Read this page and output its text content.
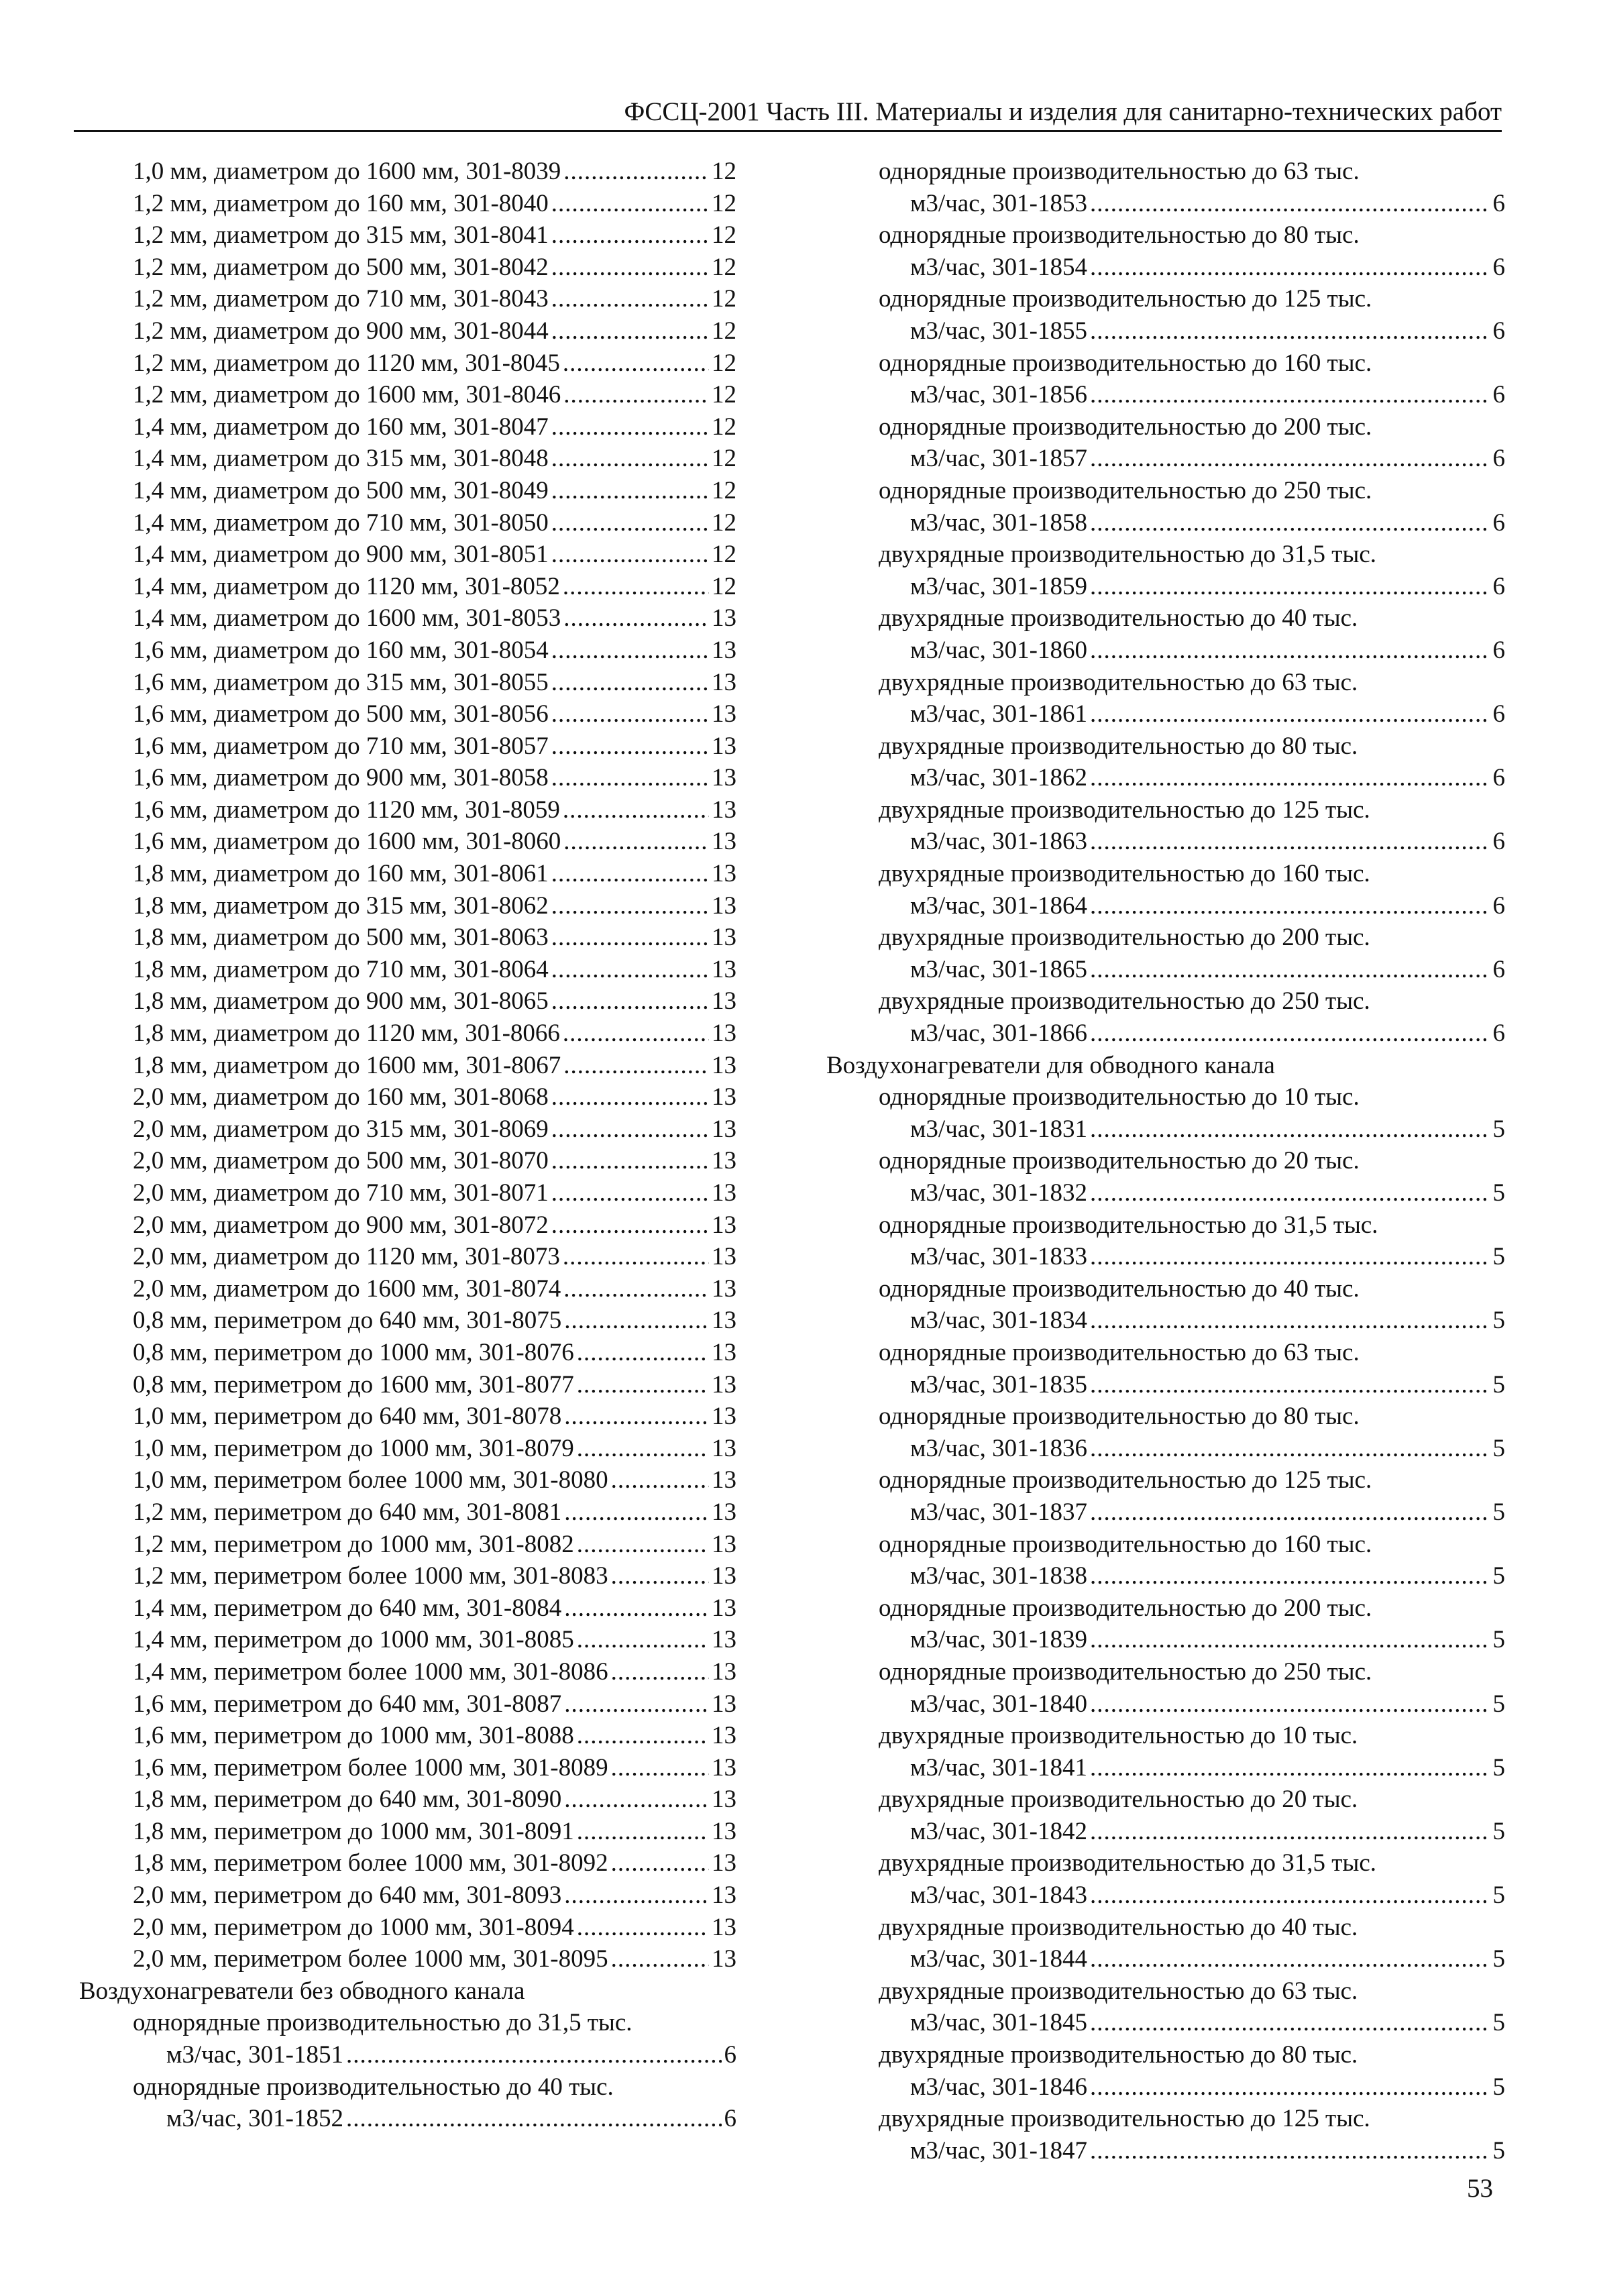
ФССЦ-2001 Часть III. Материалы и изделия для санитарно-технических работ
1,0 мм, диаметром до 1600 мм, 301-8039 .....	12
1,2 мм, диаметром до 160 мм, 301-8040 .....	12
1,2 мм, диаметром до 315 мм, 301-8041 .....	12
1,2 мм, диаметром до 500 мм, 301-8042 .....	12
1,2 мм, диаметром до 710 мм, 301-8043 .....	12
1,2 мм, диаметром до 900 мм, 301-8044 .....	12
1,2 мм, диаметром до 1120 мм, 301-8045 .....	12
1,2 мм, диаметром до 1600 мм, 301-8046 .....	12
1,4 мм, диаметром до 160 мм, 301-8047 .....	12
1,4 мм, диаметром до 315 мм, 301-8048 .....	12
1,4 мм, диаметром до 500 мм, 301-8049 .....	12
1,4 мм, диаметром до 710 мм, 301-8050 .....	12
1,4 мм, диаметром до 900 мм, 301-8051 .....	12
1,4 мм, диаметром до 1120 мм, 301-8052 .....	12
1,4 мм, диаметром до 1600 мм, 301-8053 .....	13
1,6 мм, диаметром до 160 мм, 301-8054 .....	13
1,6 мм, диаметром до 315 мм, 301-8055 .....	13
1,6 мм, диаметром до 500 мм, 301-8056 .....	13
1,6 мм, диаметром до 710 мм, 301-8057 .....	13
1,6 мм, диаметром до 900 мм, 301-8058 .....	13
1,6 мм, диаметром до 1120 мм, 301-8059 .....	13
1,6 мм, диаметром до 1600 мм, 301-8060 .....	13
1,8 мм, диаметром до 160 мм, 301-8061 .....	13
1,8 мм, диаметром до 315 мм, 301-8062 .....	13
1,8 мм, диаметром до 500 мм, 301-8063 .....	13
1,8 мм, диаметром до 710 мм, 301-8064 .....	13
1,8 мм, диаметром до 900 мм, 301-8065 .....	13
1,8 мм, диаметром до 1120 мм, 301-8066 .....	13
1,8 мм, диаметром до 1600 мм, 301-8067 .....	13
2,0 мм, диаметром до 160 мм, 301-8068 .....	13
2,0 мм, диаметром до 315 мм, 301-8069 .....	13
2,0 мм, диаметром до 500 мм, 301-8070 .....	13
2,0 мм, диаметром до 710 мм, 301-8071 .....	13
2,0 мм, диаметром до 900 мм, 301-8072 .....	13
2,0 мм, диаметром до 1120 мм, 301-8073 .....	13
2,0 мм, диаметром до 1600 мм, 301-8074 .....	13
0,8 мм, периметром до 640 мм, 301-8075 .....	13
0,8 мм, периметром до 1000 мм, 301-8076 .....	13
0,8 мм, периметром до 1600 мм, 301-8077 .....	13
1,0 мм, периметром до 640 мм, 301-8078 .....	13
1,0 мм, периметром до 1000 мм, 301-8079 .....	13
1,0 мм, периметром более 1000 мм, 301-8080 .....	13
1,2 мм, периметром до 640 мм, 301-8081 .....	13
1,2 мм, периметром до 1000 мм, 301-8082 .....	13
1,2 мм, периметром более 1000 мм, 301-8083 .....	13
1,4 мм, периметром до 640 мм, 301-8084 .....	13
1,4 мм, периметром до 1000 мм, 301-8085 .....	13
1,4 мм, периметром более 1000 мм, 301-8086 .....	13
1,6 мм, периметром до 640 мм, 301-8087 .....	13
1,6 мм, периметром до 1000 мм, 301-8088 .....	13
1,6 мм, периметром более 1000 мм, 301-8089 .....	13
1,8 мм, периметром до 640 мм, 301-8090 .....	13
1,8 мм, периметром до 1000 мм, 301-8091 .....	13
1,8 мм, периметром более 1000 мм, 301-8092 .....	13
2,0 мм, периметром до 640 мм, 301-8093 .....	13
2,0 мм, периметром до 1000 мм, 301-8094 .....	13
2,0 мм, периметром более 1000 мм, 301-8095 .....	13
Воздухонагреватели без обводного канала
однорядные производительностью до 31,5 тыс.
м3/час, 301-1851 .....	6
однорядные производительностью до 40 тыс.
м3/час, 301-1852 .....	6
однорядные производительностью до 63 тыс.
м3/час, 301-1853 .....	6
однорядные производительностью до 80 тыс.
м3/час, 301-1854 .....	6
однорядные производительностью до 125 тыс.
м3/час, 301-1855 .....	6
однорядные производительностью до 160 тыс.
м3/час, 301-1856 .....	6
однорядные производительностью до 200 тыс.
м3/час, 301-1857 .....	6
однорядные производительностью до 250 тыс.
м3/час, 301-1858 .....	6
двухрядные производительностью до 31,5 тыс.
м3/час, 301-1859 .....	6
двухрядные производительностью до 40 тыс.
м3/час, 301-1860 .....	6
двухрядные производительностью до 63 тыс.
м3/час, 301-1861 .....	6
двухрядные производительностью до 80 тыс.
м3/час, 301-1862 .....	6
двухрядные производительностью до 125 тыс.
м3/час, 301-1863 .....	6
двухрядные производительностью до 160 тыс.
м3/час, 301-1864 .....	6
двухрядные производительностью до 200 тыс.
м3/час, 301-1865 .....	6
двухрядные производительностью до 250 тыс.
м3/час, 301-1866 .....	6
Воздухонагреватели для обводного канала
однорядные производительностью до 10 тыс.
м3/час, 301-1831 .....	5
однорядные производительностью до 20 тыс.
м3/час, 301-1832 .....	5
однорядные производительностью до 31,5 тыс.
м3/час, 301-1833 .....	5
однорядные производительностью до 40 тыс.
м3/час, 301-1834 .....	5
однорядные производительностью до 63 тыс.
м3/час, 301-1835 .....	5
однорядные производительностью до 80 тыс.
м3/час, 301-1836 .....	5
однорядные производительностью до 125 тыс.
м3/час, 301-1837 .....	5
однорядные производительностью до 160 тыс.
м3/час, 301-1838 .....	5
однорядные производительностью до 200 тыс.
м3/час, 301-1839 .....	5
однорядные производительностью до 250 тыс.
м3/час, 301-1840 .....	5
двухрядные производительностью до 10 тыс.
м3/час, 301-1841 .....	5
двухрядные производительностью до 20 тыс.
м3/час, 301-1842 .....	5
двухрядные производительностью до 31,5 тыс.
м3/час, 301-1843 .....	5
двухрядные производительностью до 40 тыс.
м3/час, 301-1844 .....	5
двухрядные производительностью до 63 тыс.
м3/час, 301-1845 .....	5
двухрядные производительностью до 80 тыс.
м3/час, 301-1846 .....	5
двухрядные производительностью до 125 тыс.
м3/час, 301-1847 .....	5
53
